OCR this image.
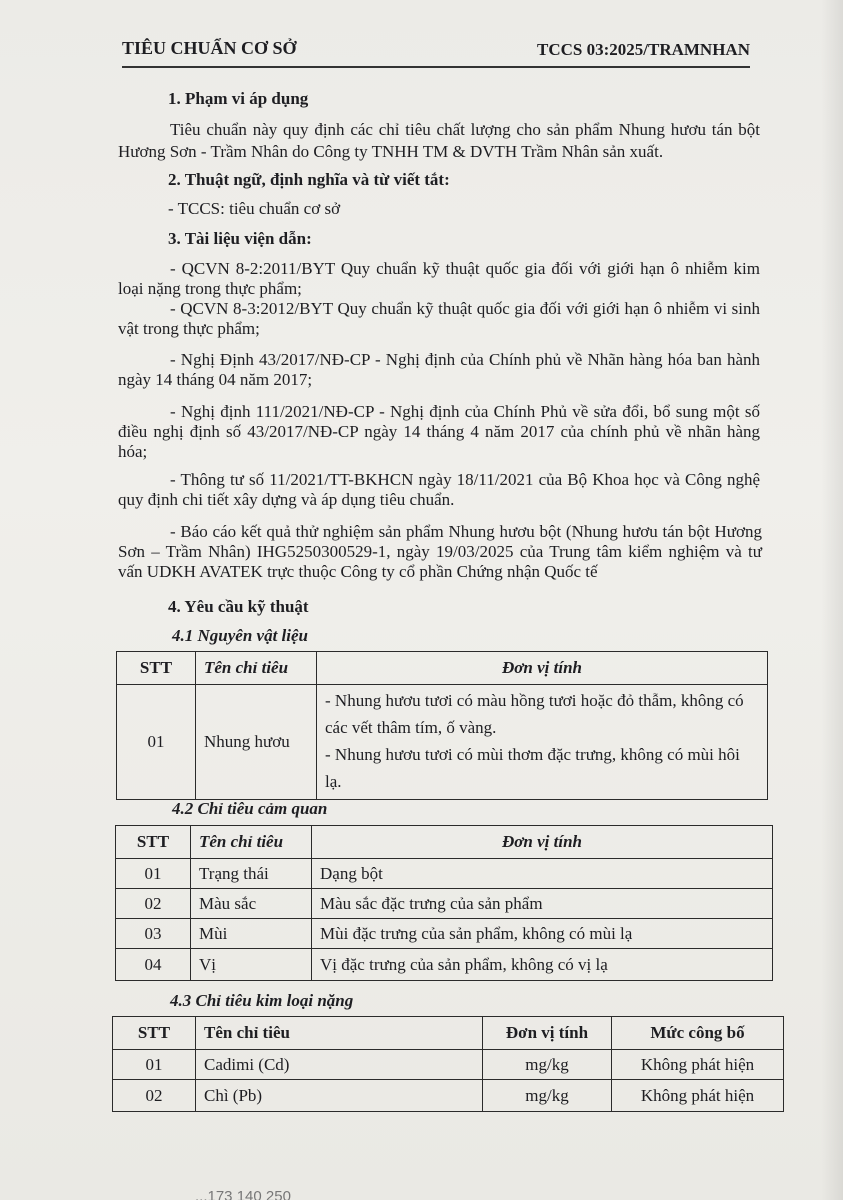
TIÊU CHUẨN CƠ SỞ	TCCS 03:2025/TRAMNHAN
1. Phạm vi áp dụng
Tiêu chuẩn này quy định các chỉ tiêu chất lượng cho sản phẩm Nhung hươu tán bột Hương Sơn - Trầm Nhân do Công ty TNHH TM & DVTH Trầm Nhân sản xuất.
2. Thuật ngữ, định nghĩa và từ viết tắt:
- TCCS: tiêu chuẩn cơ sở
3. Tài liệu viện dẫn:
- QCVN 8-2:2011/BYT Quy chuẩn kỹ thuật quốc gia đối với giới hạn ô nhiễm kim loại nặng trong thực phẩm;
- QCVN 8-3:2012/BYT Quy chuẩn kỹ thuật quốc gia đối với giới hạn ô nhiễm vi sinh vật trong thực phẩm;
- Nghị Định 43/2017/NĐ-CP - Nghị định của Chính phủ về Nhãn hàng hóa ban hành ngày 14 tháng 04 năm 2017;
- Nghị định 111/2021/NĐ-CP - Nghị định của Chính Phủ về sửa đổi, bổ sung một số điều nghị định số 43/2017/NĐ-CP ngày 14 tháng 4 năm 2017 của chính phủ về nhãn hàng hóa;
- Thông tư số 11/2021/TT-BKHCN ngày 18/11/2021 của Bộ Khoa học và Công nghệ quy định chi tiết xây dựng và áp dụng tiêu chuẩn.
- Báo cáo kết quả thử nghiệm sản phẩm Nhung hươu bột (Nhung hươu tán bột Hương Sơn – Trầm Nhân) IHG5250300529-1, ngày 19/03/2025 của Trung tâm kiểm nghiệm và tư vấn UDKH AVATEK trực thuộc Công ty cổ phần Chứng nhận Quốc tế
4. Yêu cầu kỹ thuật
4.1 Nguyên vật liệu
STT	Tên chỉ tiêu	Đơn vị tính
01	Nhung hươu	- Nhung hươu tươi có màu hồng tươi hoặc đỏ thẫm, không có các vết thâm tím, ố vàng.
- Nhung hươu tươi có mùi thơm đặc trưng, không có mùi hôi lạ.
4.2 Chỉ tiêu cảm quan
STT	Tên chỉ tiêu	Đơn vị tính
01	Trạng thái	Dạng bột
02	Màu sắc	Màu sắc đặc trưng của sản phẩm
03	Mùi	Mùi đặc trưng của sản phẩm, không có mùi lạ
04	Vị	Vị đặc trưng của sản phẩm, không có vị lạ
4.3 Chỉ tiêu kim loại nặng
STT	Tên chỉ tiêu	Đơn vị tính	Mức công bố
01	Cadimi (Cd)	mg/kg	Không phát hiện
02	Chì (Pb)	mg/kg	Không phát hiện
...173 140 250
